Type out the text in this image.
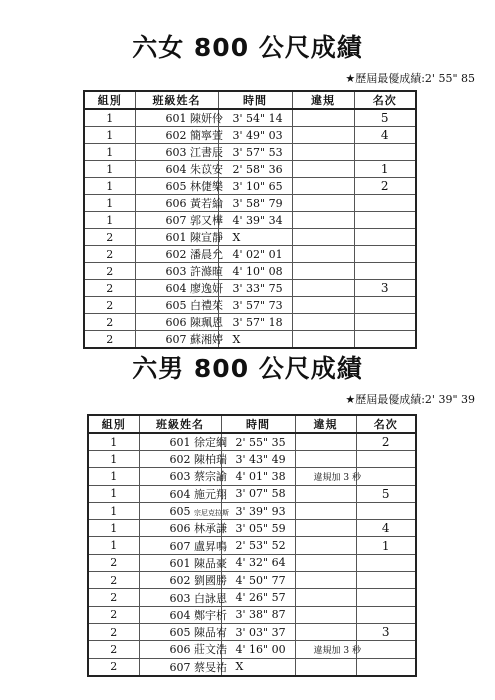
六女 800 公尺成績
★歷屆最優成績:2' 55" 85
組別	班級姓名	時間	違規	名次
1	601 陳妍伶	3' 54" 14		5
1	602 簡寧萱	3' 49" 03		4
1	603 江書辰	3' 57" 53		
1	604 朱苡安	2' 58" 36		1
1	605 林倢樂	3' 10" 65		2
1	606 黃若綸	3' 58" 79		
1	607 郭又樺	4' 39" 34		
2	601 陳宣靜	X		
2	602 潘晨允	4' 02" 01		
2	603 許滌暄	4' 10" 08		
2	604 廖逸妍	3' 33" 75		3
2	605 白禮茱	3' 57" 73		
2	606 陳珮恩	3' 57" 18		
2	607 蘇湘婷	X		
六男 800 公尺成績
★歷屆最優成績:2' 39" 39
組別	班級姓名	時間	違規	名次
1	601 徐定綱	2' 55" 35		2
1	602 陳柏瑞	3' 43" 49		
1	603 蔡宗諭	4' 01" 38	違規加 3 秒	
1	604 施元翔	3' 07" 58		5
1	605 宗尼克拉斯	3' 39" 93		
1	606 林承謙	3' 05" 59		4
1	607 盧昇鳴	2' 53" 52		1
2	601 陳品豪	4' 32" 64		
2	602 劉國勝	4' 50" 77		
2	603 白詠恩	4' 26" 57		
2	604 鄭宇析	3' 38" 87		
2	605 陳品宥	3' 03" 37		3
2	606 莊文浩	4' 16" 00	違規加 3 秒	
2	607 蔡旻祐	X		
